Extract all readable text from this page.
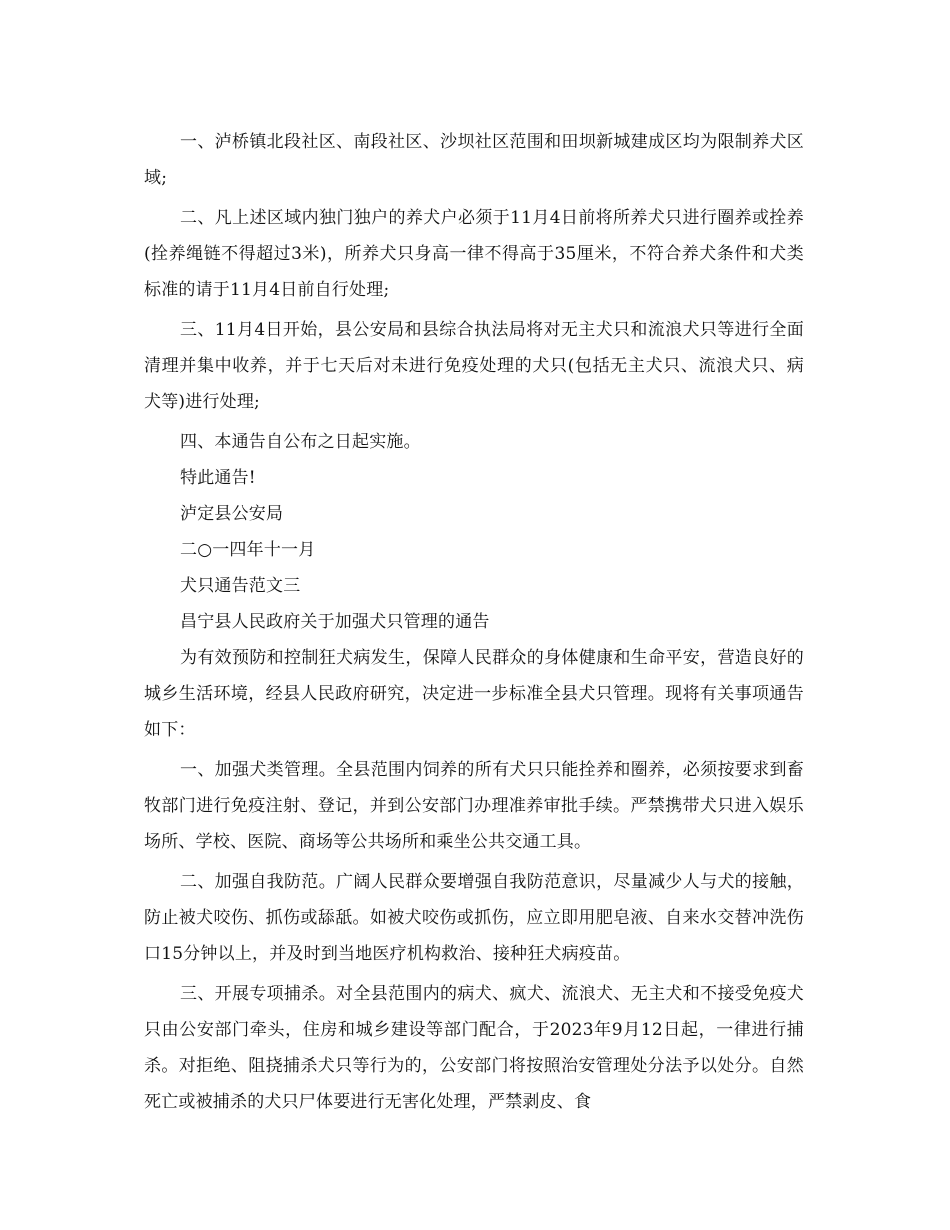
一、泸桥镇北段社区、南段社区、沙坝社区范围和田坝新城建成区均为限制养犬区域;

二、凡上述区域内独门独户的养犬户必须于11月4日前将所养犬只进行圈养或拴养(拴养绳链不得超过3米)，所养犬只身高一律不得高于35厘米，不符合养犬条件和犬类标准的请于11月4日前自行处理;

三、11月4日开始，县公安局和县综合执法局将对无主犬只和流浪犬只等进行全面清理并集中收养，并于七天后对未进行免疫处理的犬只(包括无主犬只、流浪犬只、病犬等)进行处理;

四、本通告自公布之日起实施。

特此通告!

泸定县公安局

二○一四年十一月

犬只通告范文三

昌宁县人民政府关于加强犬只管理的通告

为有效预防和控制狂犬病发生，保障人民群众的身体健康和生命平安，营造良好的城乡生活环境，经县人民政府研究，决定进一步标准全县犬只管理。现将有关事项通告如下：

一、加强犬类管理。全县范围内饲养的所有犬只只能拴养和圈养，必须按要求到畜牧部门进行免疫注射、登记，并到公安部门办理准养审批手续。严禁携带犬只进入娱乐场所、学校、医院、商场等公共场所和乘坐公共交通工具。

二、加强自我防范。广阔人民群众要增强自我防范意识，尽量减少人与犬的接触，防止被犬咬伤、抓伤或舔舐。如被犬咬伤或抓伤，应立即用肥皂液、自来水交替冲洗伤口15分钟以上，并及时到当地医疗机构救治、接种狂犬病疫苗。

三、开展专项捕杀。对全县范围内的病犬、疯犬、流浪犬、无主犬和不接受免疫犬只由公安部门牵头，住房和城乡建设等部门配合，于2023年9月12日起，一律进行捕杀。对拒绝、阻挠捕杀犬只等行为的，公安部门将按照治安管理处分法予以处分。自然死亡或被捕杀的犬只尸体要进行无害化处理，严禁剥皮、食
